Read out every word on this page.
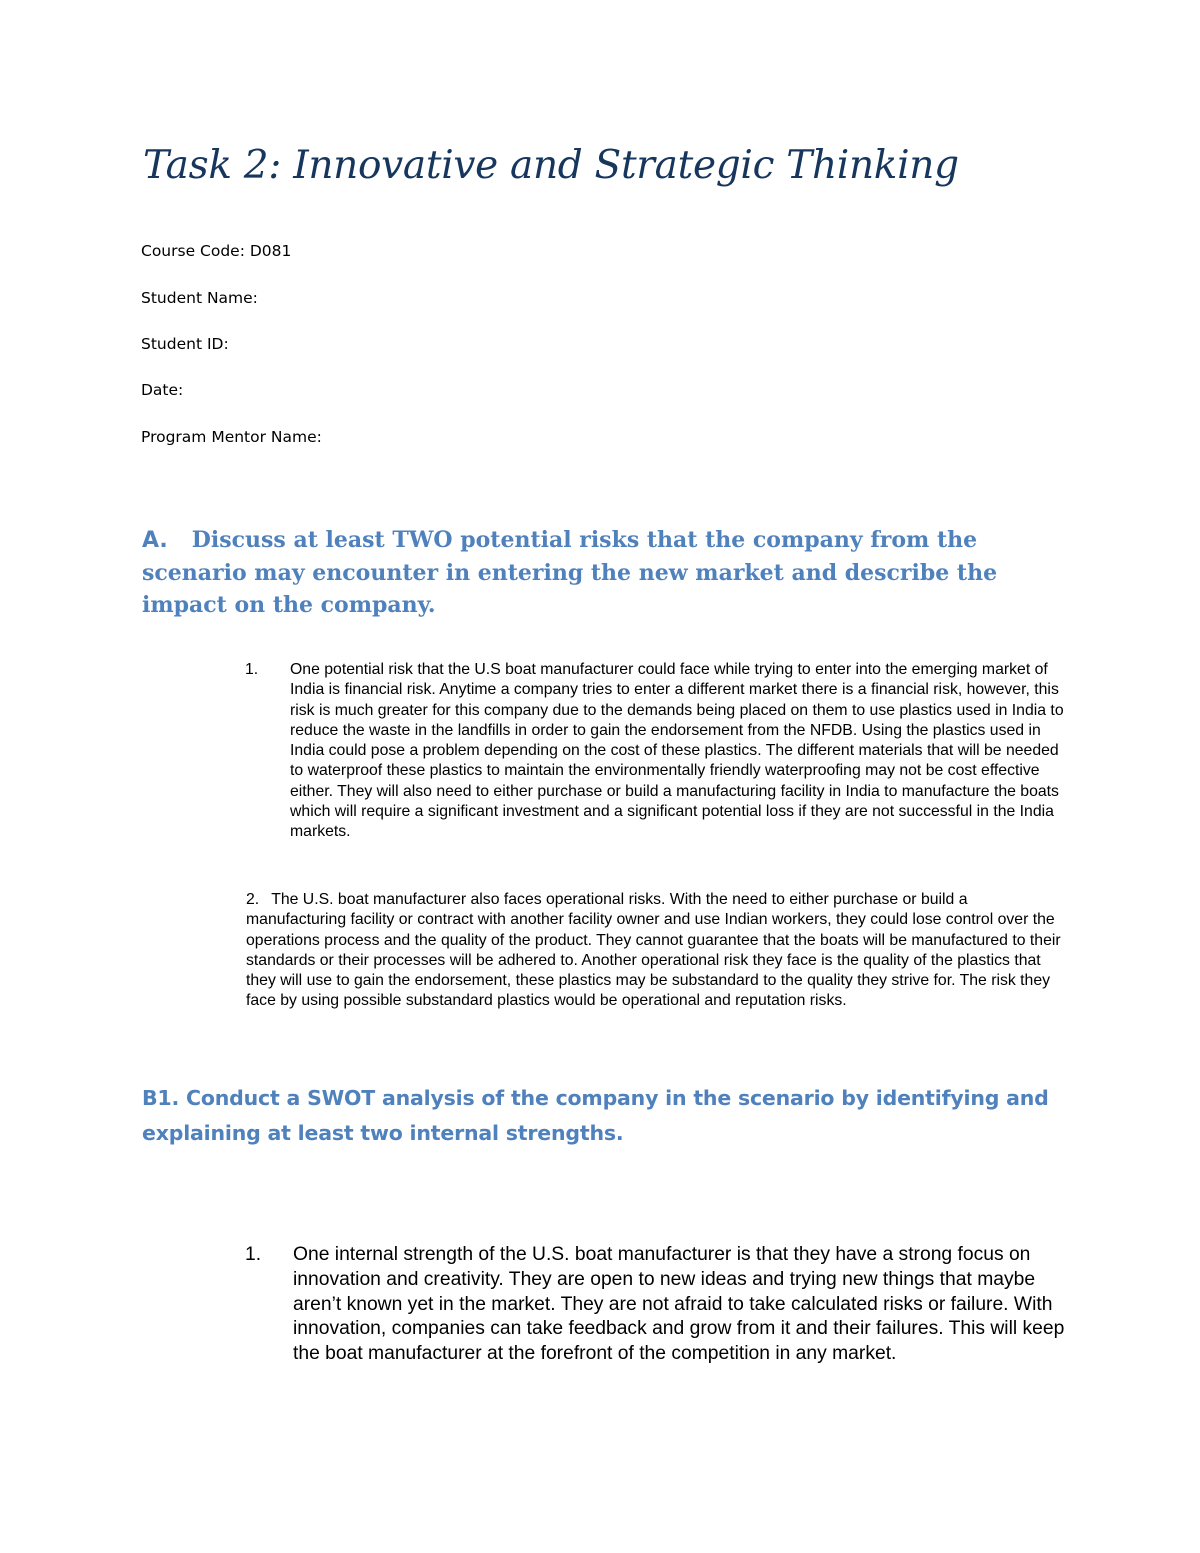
Task 2: Innovative and Strategic Thinking
Course Code: D081
Student Name:
Student ID:
Date:
Program Mentor Name:
A. Discuss at least TWO potential risks that the company from the scenario may encounter in entering the new market and describe the impact on the company.
1. One potential risk that the U.S boat manufacturer could face while trying to enter into the emerging market of India is financial risk. Anytime a company tries to enter a different market there is a financial risk, however, this risk is much greater for this company due to the demands being placed on them to use plastics used in India to reduce the waste in the landfills in order to gain the endorsement from the NFDB. Using the plastics used in India could pose a problem depending on the cost of these plastics. The different materials that will be needed to waterproof these plastics to maintain the environmentally friendly waterproofing may not be cost effective either. They will also need to either purchase or build a manufacturing facility in India to manufacture the boats which will require a significant investment and a significant potential loss if they are not successful in the India markets.

2. The U.S. boat manufacturer also faces operational risks. With the need to either purchase or build a manufacturing facility or contract with another facility owner and use Indian workers, they could lose control over the operations process and the quality of the product. They cannot guarantee that the boats will be manufactured to their standards or their processes will be adhered to. Another operational risk they face is the quality of the plastics that they will use to gain the endorsement, these plastics may be substandard to the quality they strive for. The risk they face by using possible substandard plastics would be operational and reputation risks.

B1. Conduct a SWOT analysis of the company in the scenario by identifying and explaining at least two internal strengths.
1. One internal strength of the U.S. boat manufacturer is that they have a strong focus on innovation and creativity. They are open to new ideas and trying new things that maybe aren’t known yet in the market. They are not afraid to take calculated risks or failure. With innovation, companies can take feedback and grow from it and their failures. This will keep the boat manufacturer at the forefront of the competition in any market.
